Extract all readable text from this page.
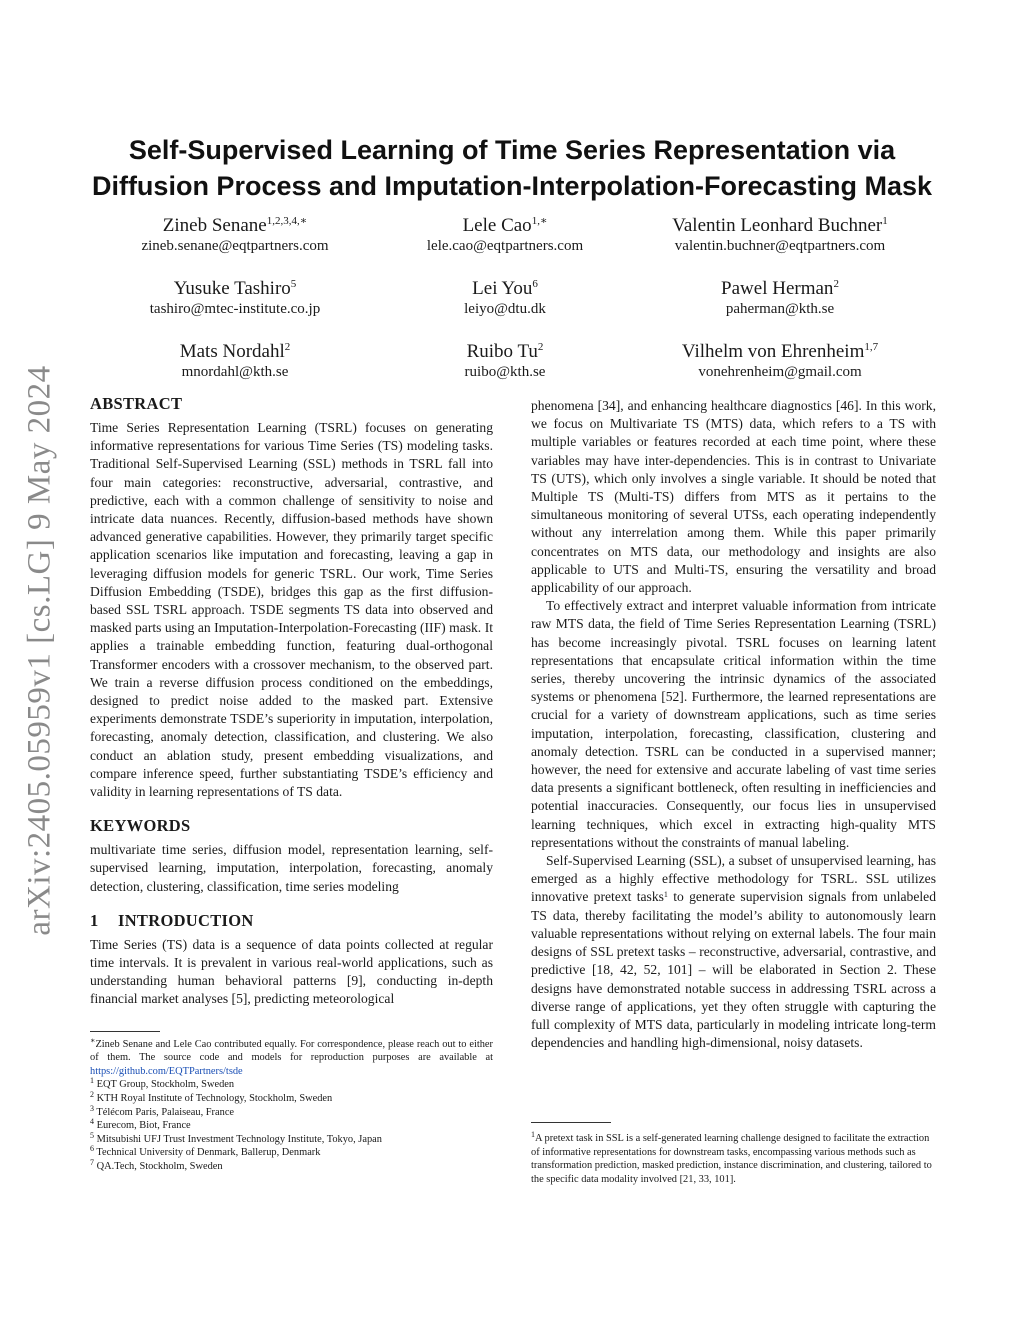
arXiv:2405.05959v1 [cs.LG] 9 May 2024
Self-Supervised Learning of Time Series Representation via
Diffusion Process and Imputation-Interpolation-Forecasting Mask
Zineb Senane$^{1,2,3,4,∗}$
zineb.senane@eqtpartners.com
Lele Cao$^{1,∗}$
lele.cao@eqtpartners.com
Valentin Leonhard Buchner$^1$
valentin.buchner@eqtpartners.com
Yusuke Tashiro$^5$
tashiro@mtec-institute.co.jp
Lei You$^6$
leiyo@dtu.dk
Pawel Herman$^2$
paherman@kth.se
Mats Nordahl$^2$
mnordahl@kth.se
Ruibo Tu$^2$
ruibo@kth.se
Vilhelm von Ehrenheim$^{1,7}$
vonehrenheim@gmail.com
ABSTRACT

Time Series Representation Learning (TSRL) focuses on generating informative representations for various Time Series (TS) modeling tasks. Traditional Self-Supervised Learning (SSL) methods in TSRL fall into four main categories: reconstructive, adversarial, contrastive, and predictive, each with a common challenge of sensitivity to noise and intricate data nuances. Recently, diffusion-based methods have shown advanced generative capabilities. However, they primarily target specific application scenarios like imputation and forecasting, leaving a gap in leveraging diffusion models for generic TSRL. Our work, Time Series Diffusion Embedding (TSDE), bridges this gap as the first diffusion-based SSL TSRL approach. TSDE segments TS data into observed and masked parts using an Imputation-Interpolation-Forecasting (IIF) mask. It applies a trainable embedding function, featuring dual-orthogonal Transformer encoders with a crossover mechanism, to the observed part. We train a reverse diffusion process conditioned on the embeddings, designed to predict noise added to the masked part. Extensive experiments demonstrate TSDE’s superiority in imputation, interpolation, forecasting, anomaly detection, classification, and clustering. We also conduct an ablation study, present embedding visualizations, and compare inference speed, further substantiating TSDE’s efficiency and validity in learning representations of TS data.

KEYWORDS

multivariate time series, diffusion model, representation learning, self-supervised learning, imputation, interpolation, forecasting, anomaly detection, clustering, classification, time series modeling

1 INTRODUCTION

Time Series (TS) data is a sequence of data points collected at regular time intervals. It is prevalent in various real-world applications, such as understanding human behavioral patterns [9], conducting in-depth financial market analyses [5], predicting meteorological

∗Zineb Senane and Lele Cao contributed equally. For correspondence, please reach out to either of them. The source code and models for reproduction purposes are available at https://github.com/EQTPartners/tsde
$^1$ EQT Group, Stockholm, Sweden
$^2$ KTH Royal Institute of Technology, Stockholm, Sweden
$^3$ Télécom Paris, Palaiseau, France
$^4$ Eurecom, Biot, France
$^5$ Mitsubishi UFJ Trust Investment Technology Institute, Tokyo, Japan
$^6$ Technical University of Denmark, Ballerup, Denmark
$^7$ QA.Tech, Stockholm, Sweden

phenomena [34], and enhancing healthcare diagnostics [46]. In this work, we focus on Multivariate TS (MTS) data, which refers to a TS with multiple variables or features recorded at each time point, where these variables may have inter-dependencies. This is in contrast to Univariate TS (UTS), which only involves a single variable. It should be noted that Multiple TS (Multi-TS) differs from MTS as it pertains to the simultaneous monitoring of several UTSs, each operating independently without any interrelation among them. While this paper primarily concentrates on MTS data, our methodology and insights are also applicable to UTS and Multi-TS, ensuring the versatility and broad applicability of our approach.

To effectively extract and interpret valuable information from intricate raw MTS data, the field of Time Series Representation Learning (TSRL) has become increasingly pivotal. TSRL focuses on learning latent representations that encapsulate critical information within the time series, thereby uncovering the intrinsic dynamics of the associated systems or phenomena [52]. Furthermore, the learned representations are crucial for a variety of downstream applications, such as time series imputation, interpolation, forecasting, classification, clustering and anomaly detection. TSRL can be conducted in a supervised manner; however, the need for extensive and accurate labeling of vast time series data presents a significant bottleneck, often resulting in inefficiencies and potential inaccuracies. Consequently, our focus lies in unsupervised learning techniques, which excel in extracting high-quality MTS representations without the constraints of manual labeling.

Self-Supervised Learning (SSL), a subset of unsupervised learning, has emerged as a highly effective methodology for TSRL. SSL utilizes innovative pretext tasks$^1$ to generate supervision signals from unlabeled TS data, thereby facilitating the model’s ability to autonomously learn valuable representations without relying on external labels. The four main designs of SSL pretext tasks – reconstructive, adversarial, contrastive, and predictive [18, 42, 52, 101] – will be elaborated in Section 2. These designs have demonstrated notable success in addressing TSRL across a diverse range of applications, yet they often struggle with capturing the full complexity of MTS data, particularly in modeling intricate long-term dependencies and handling high-dimensional, noisy datasets.

$^1$A pretext task in SSL is a self-generated learning challenge designed to facilitate the extraction of informative representations for downstream tasks, encompassing various methods such as transformation prediction, masked prediction, instance discrimination, and clustering, tailored to the specific data modality involved [21, 33, 101].
